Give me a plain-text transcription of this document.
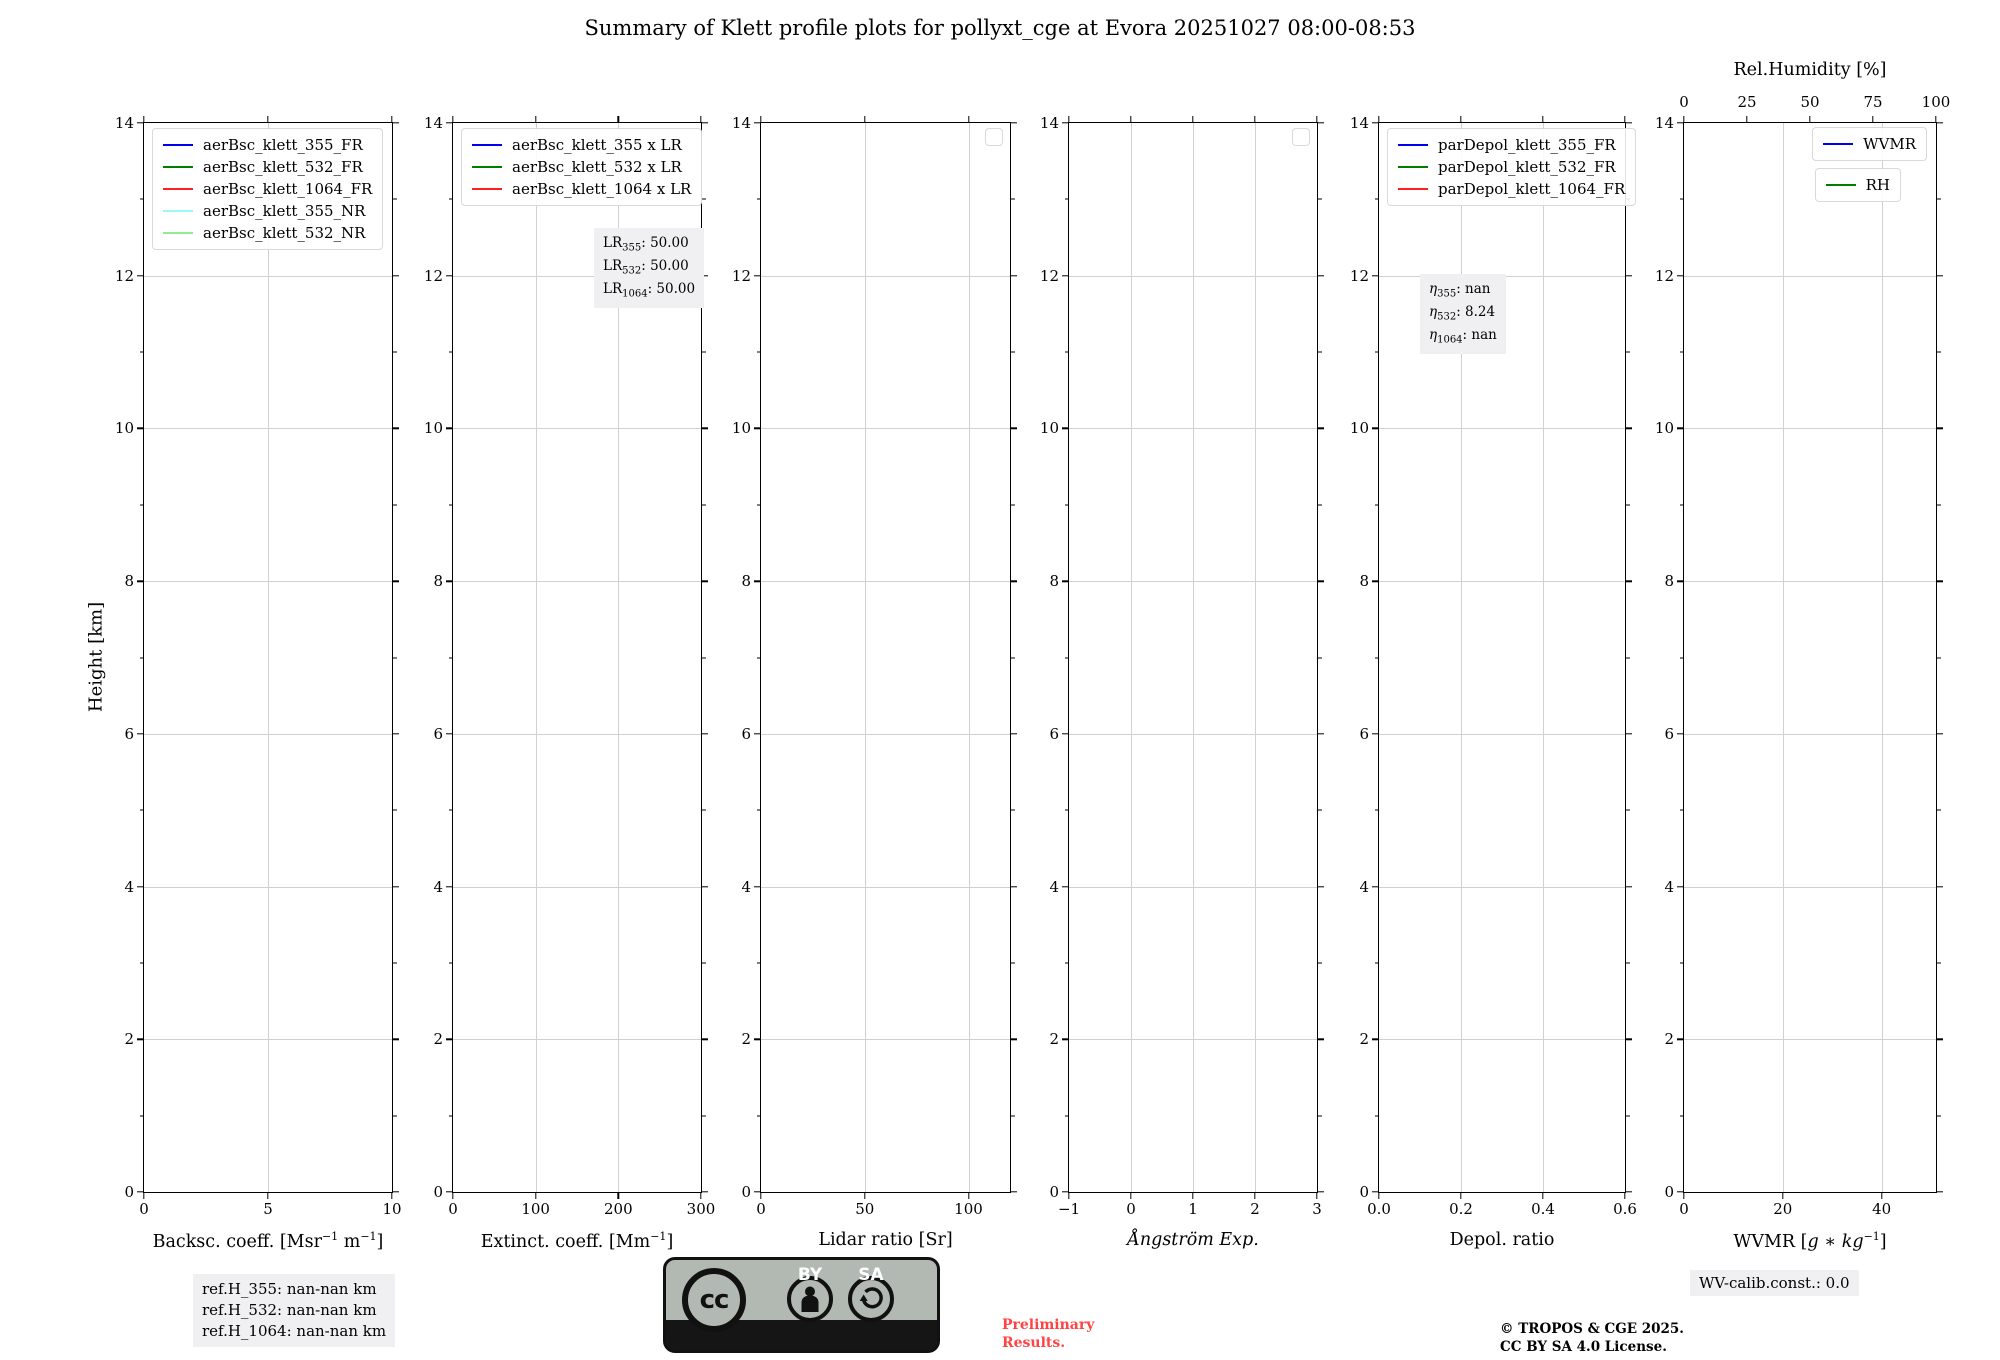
Summary of Klett profile plots for pollyxt_cge at Evora 20251027 08:00-08:53
Height [km]
0	5	10
0
2
4
6
8
10
12
14
aerBsc_klett_355_FR
aerBsc_klett_532_FR
aerBsc_klett_1064_FR
aerBsc_klett_355_NR
aerBsc_klett_532_NR
Backsc. coeff. [Msr$^{-1}$ $m^{-1}$]
0	100	200	300
0
2
4
6
8
10
12
14
aerBsc_klett_355 x LR
aerBsc_klett_532 x LR
aerBsc_klett_1064 x LR
$LR_{355}$: 50.00
$LR_{532}$: 50.00
$LR_{1064}$: 50.00
Extinct. coeff. $[Mm^{-1}]$
0	50	100
0
2
4
6
8
10
12
14
Lidar ratio [Sr]
−1	0	1	2	3
0
2
4
6
8
10
12
14
Ångström Exp.
0.0	0.2	0.4	0.6
0
2
4
6
8
10
12
14
parDepol_klett_355_FR
parDepol_klett_532_FR
parDepol_klett_1064_FR
$\eta_{355}$: nan
$\eta_{532}$: 8.24
$\eta_{1064}$: nan
Depol. ratio
0	20	40
0
2
4
6
8
10
12
14
0	25	50	75	100
Rel.Humidity [%]
WVMR
RH
WVMR [g ∗ $kg^{-1}$]
ref.H_355: nan-nan km
ref.H_532: nan-nan km
ref.H_1064: nan-nan km
cc
BY	SA
Preliminary
Results.
© TROPOS & CGE 2025.
CC BY SA 4.0 License.
WV-calib.const.: 0.0
